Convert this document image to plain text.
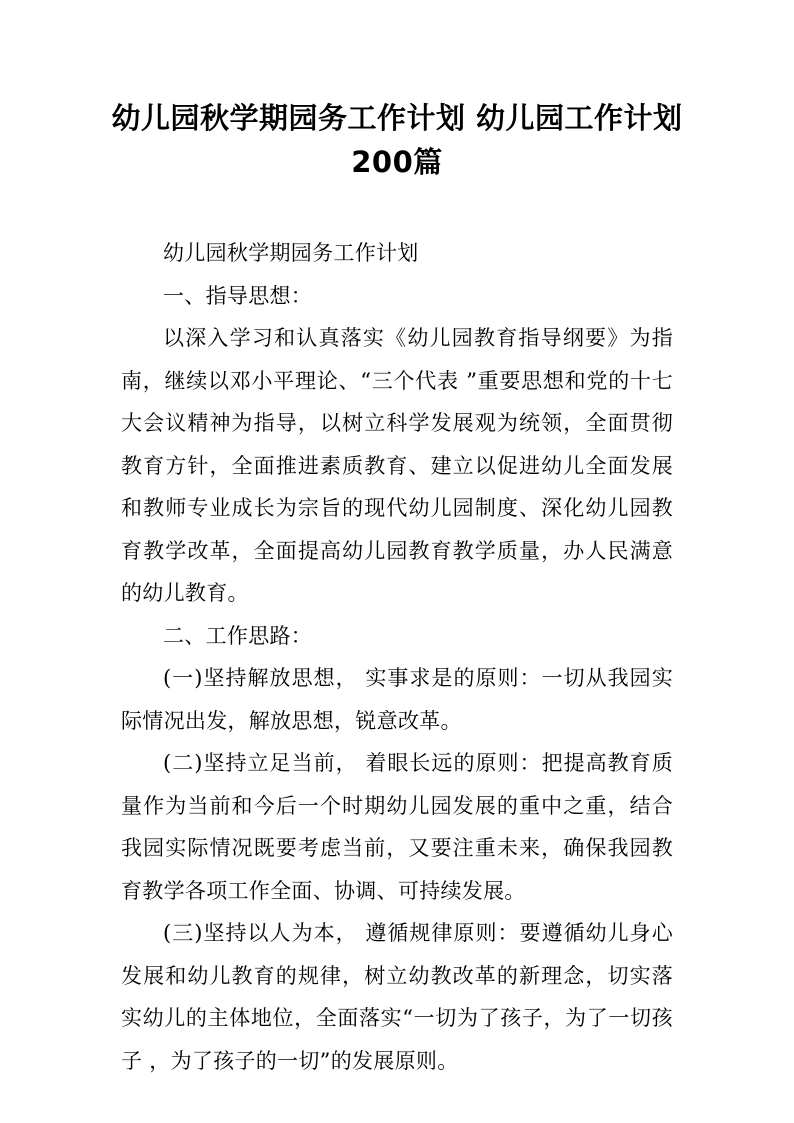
幼儿园秋学期园务工作计划 幼儿园工作计划200篇

幼儿园秋学期园务工作计划

一、指导思想：

以深入学习和认真落实《幼儿园教育指导纲要》为指南，继续以邓小平理论、“三个代表 ”重要思想和党的十七大会议精神为指导，以树立科学发展观为统领，全面贯彻教育方针，全面推进素质教育、建立以促进幼儿全面发展和教师专业成长为宗旨的现代幼儿园制度、深化幼儿园教育教学改革，全面提高幼儿园教育教学质量，办人民满意的幼儿教育。

二、工作思路：

(一)坚持解放思想， 实事求是的原则：一切从我园实际情况出发，解放思想，锐意改革。

(二)坚持立足当前， 着眼长远的原则：把提高教育质量作为当前和今后一个时期幼儿园发展的重中之重，结合我园实际情况既要考虑当前，又要注重未来，确保我园教育教学各项工作全面、协调、可持续发展。

(三)坚持以人为本， 遵循规律原则：要遵循幼儿身心发展和幼儿教育的规律，树立幼教改革的新理念，切实落实幼儿的主体地位，全面落实“一切为了孩子，为了一切孩子 ，为了孩子的一切”的发展原则。
